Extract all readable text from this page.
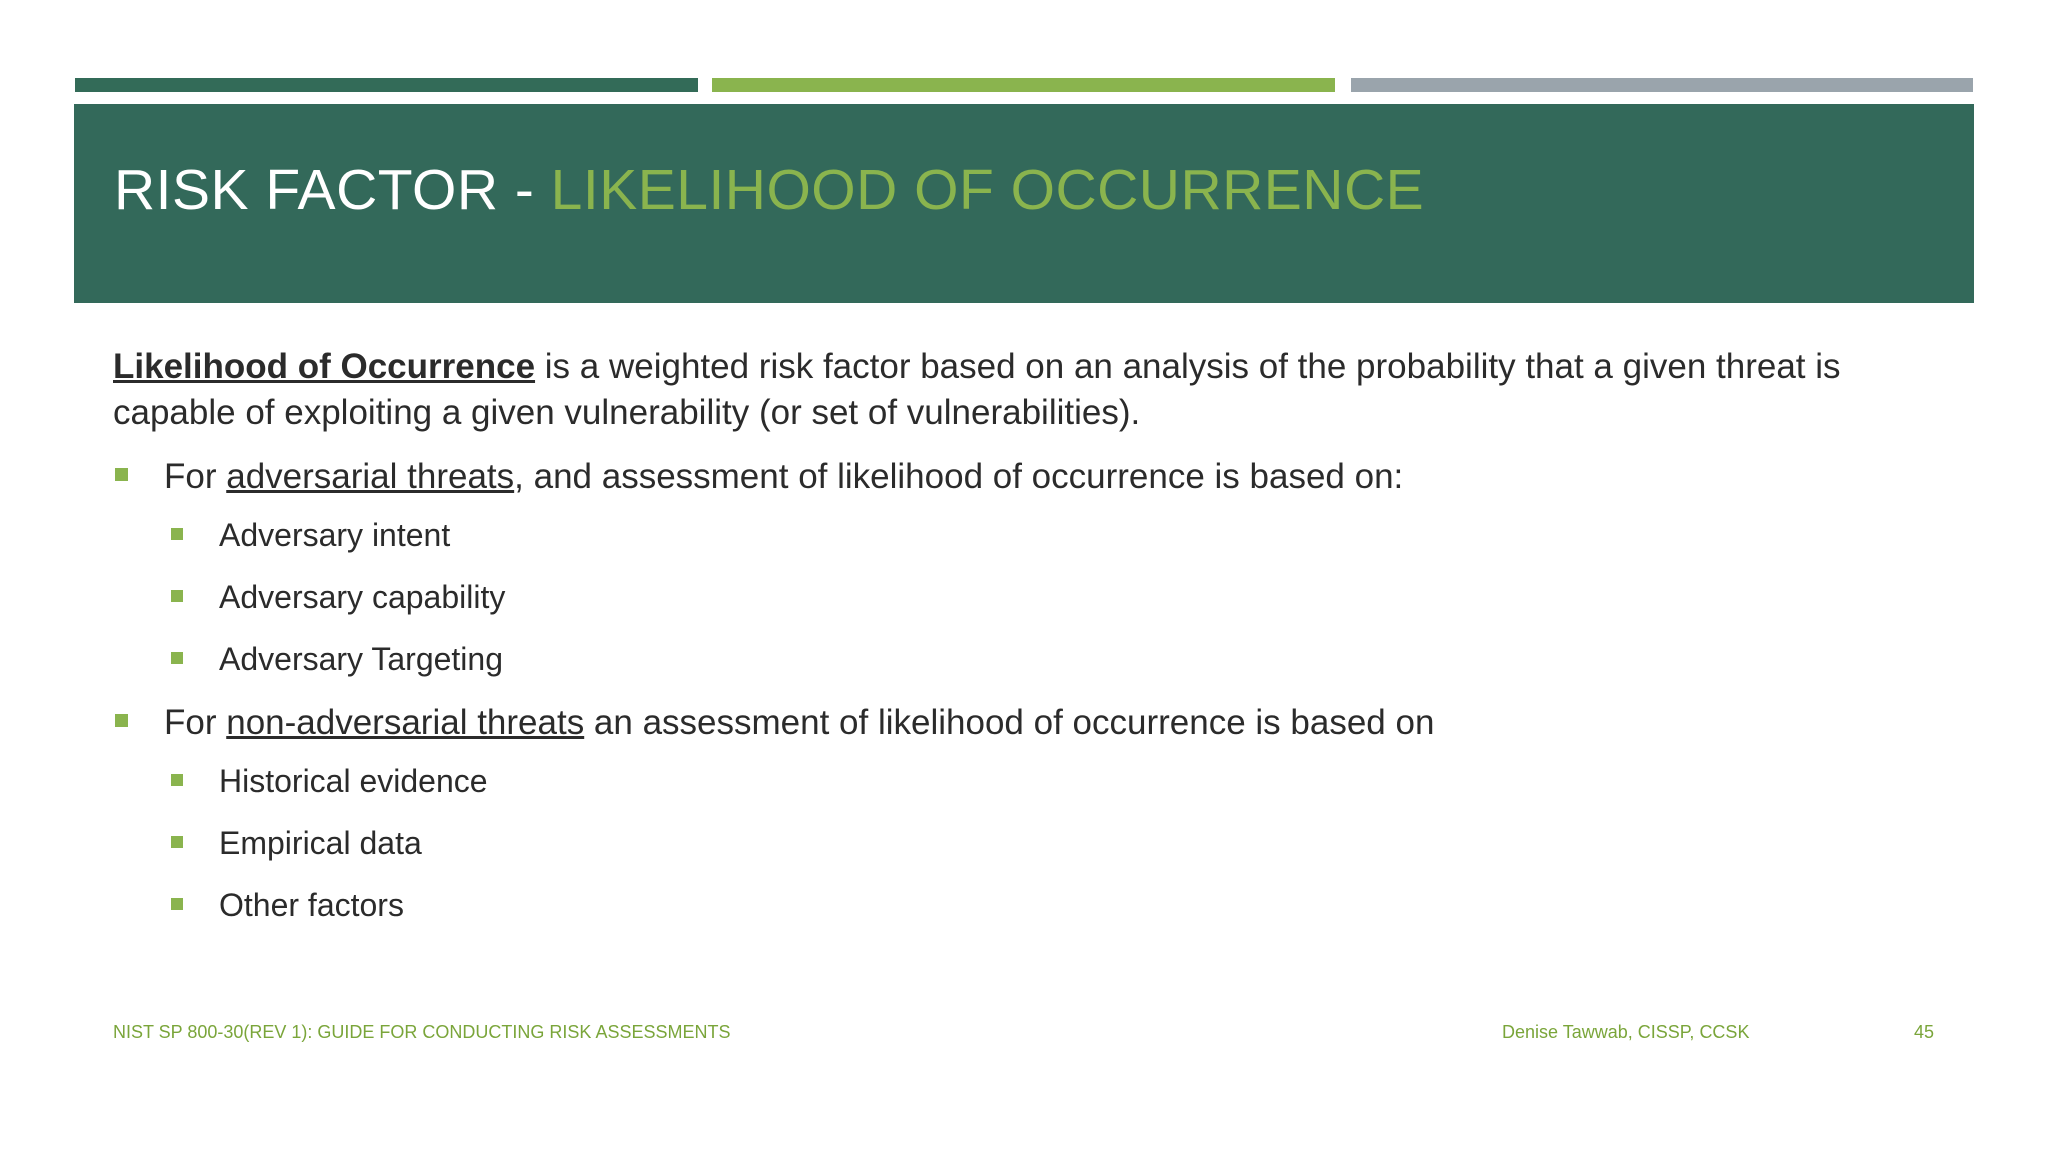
RISK FACTOR - LIKELIHOOD OF OCCURRENCE

Likelihood of Occurrence is a weighted risk factor based on an analysis of the probability that a given threat is capable of exploiting a given vulnerability (or set of vulnerabilities).

For adversarial threats, and assessment of likelihood of occurrence is based on:
Adversary intent
Adversary capability
Adversary Targeting
For non-adversarial threats an assessment of likelihood of occurrence is based on
Historical evidence
Empirical data
Other factors
NIST SP 800-30(REV 1): GUIDE FOR CONDUCTING RISK ASSESSMENTS	Denise Tawwab, CISSP, CCSK	45
